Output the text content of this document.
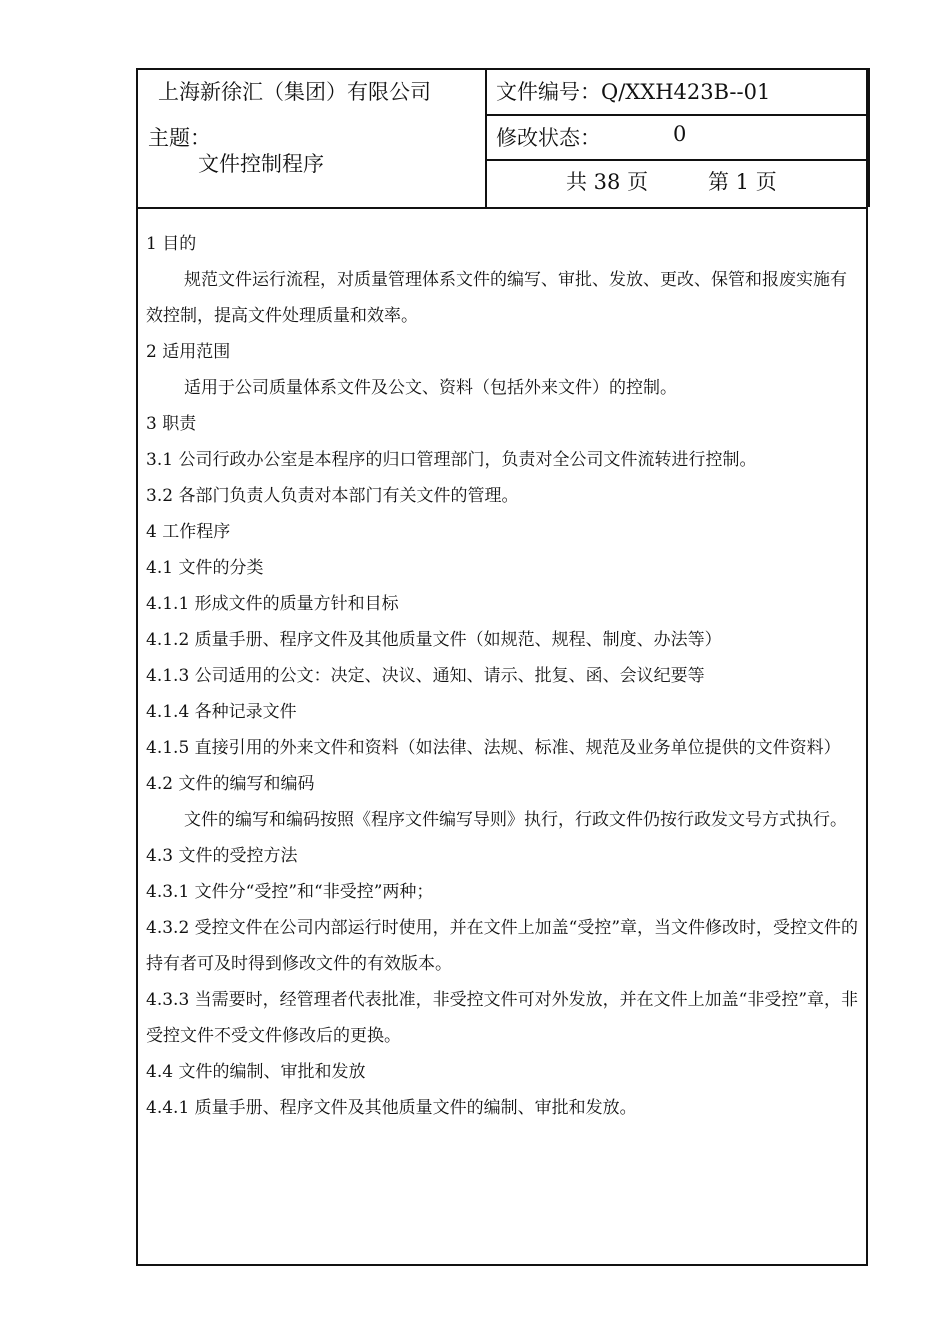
上海新徐汇（集团）有限公司	文件编号：Q/XXH423B--01
主题：
文件控制程序
修改状态：	0
共 38 页	第 1 页

1 目的

规范文件运行流程，对质量管理体系文件的编写、审批、发放、更改、保管和报废实施有效控制，提高文件处理质量和效率。

2 适用范围

适用于公司质量体系文件及公文、资料（包括外来文件）的控制。

3 职责

3.1 公司行政办公室是本程序的归口管理部门，负责对全公司文件流转进行控制。

3.2 各部门负责人负责对本部门有关文件的管理。

4 工作程序

4.1 文件的分类

4.1.1 形成文件的质量方针和目标

4.1.2 质量手册、程序文件及其他质量文件（如规范、规程、制度、办法等）

4.1.3 公司适用的公文：决定、决议、通知、请示、批复、函、会议纪要等

4.1.4 各种记录文件

4.1.5 直接引用的外来文件和资料（如法律、法规、标准、规范及业务单位提供的文件资料）

4.2 文件的编写和编码

文件的编写和编码按照《程序文件编写导则》执行，行政文件仍按行政发文号方式执行。

4.3 文件的受控方法

4.3.1 文件分“受控”和“非受控”两种；

4.3.2 受控文件在公司内部运行时使用，并在文件上加盖“受控”章，当文件修改时，受控文件的持有者可及时得到修改文件的有效版本。

4.3.3 当需要时，经管理者代表批准，非受控文件可对外发放，并在文件上加盖“非受控”章，非受控文件不受文件修改后的更换。

4.4 文件的编制、审批和发放

4.4.1 质量手册、程序文件及其他质量文件的编制、审批和发放。
